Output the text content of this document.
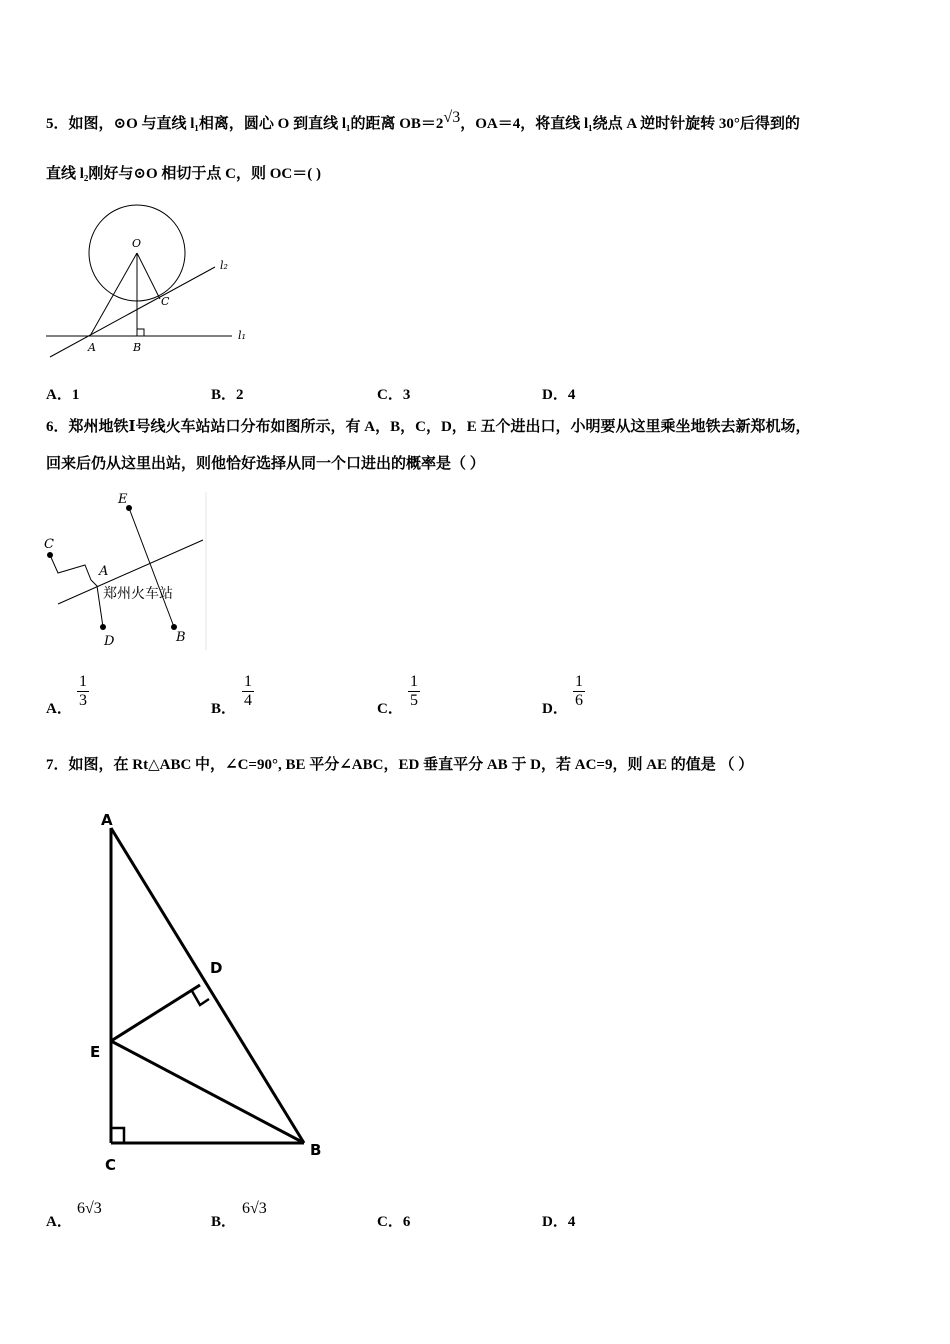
5．如图，⊙O 与直线 l₁相离，圆心 O 到直线 l₁的距离 OB＝2√3，OA＝4，将直线 l₁绕点 A 逆时针旋转 30°后得到的
直线 l₂刚好与⊙O 相切于点 C，则 OC＝( )
O
C
A	B
l₁
l₂
A．1	B．2	C．3	D．4
6．郑州地铁Ⅰ号线火车站站口分布如图所示，有 A，B，C，D，E 五个进出口，小明要从这里乘坐地铁去新郑机场，
回来后仍从这里出站，则他恰好选择从同一个口进出的概率是（ ）
E
C
A
D	B
郑州火车站
A．
1
3	B．
1
4	C．
1
5	D．
1
6
7．如图，在 Rt△ABC 中，∠C=90°, BE 平分∠ABC，ED 垂直平分 AB 于 D，若 AC=9，则 AE 的值是 （ ）
A
D
E
C
B
A．
6√3
B．
6√3
C．6	D．4
